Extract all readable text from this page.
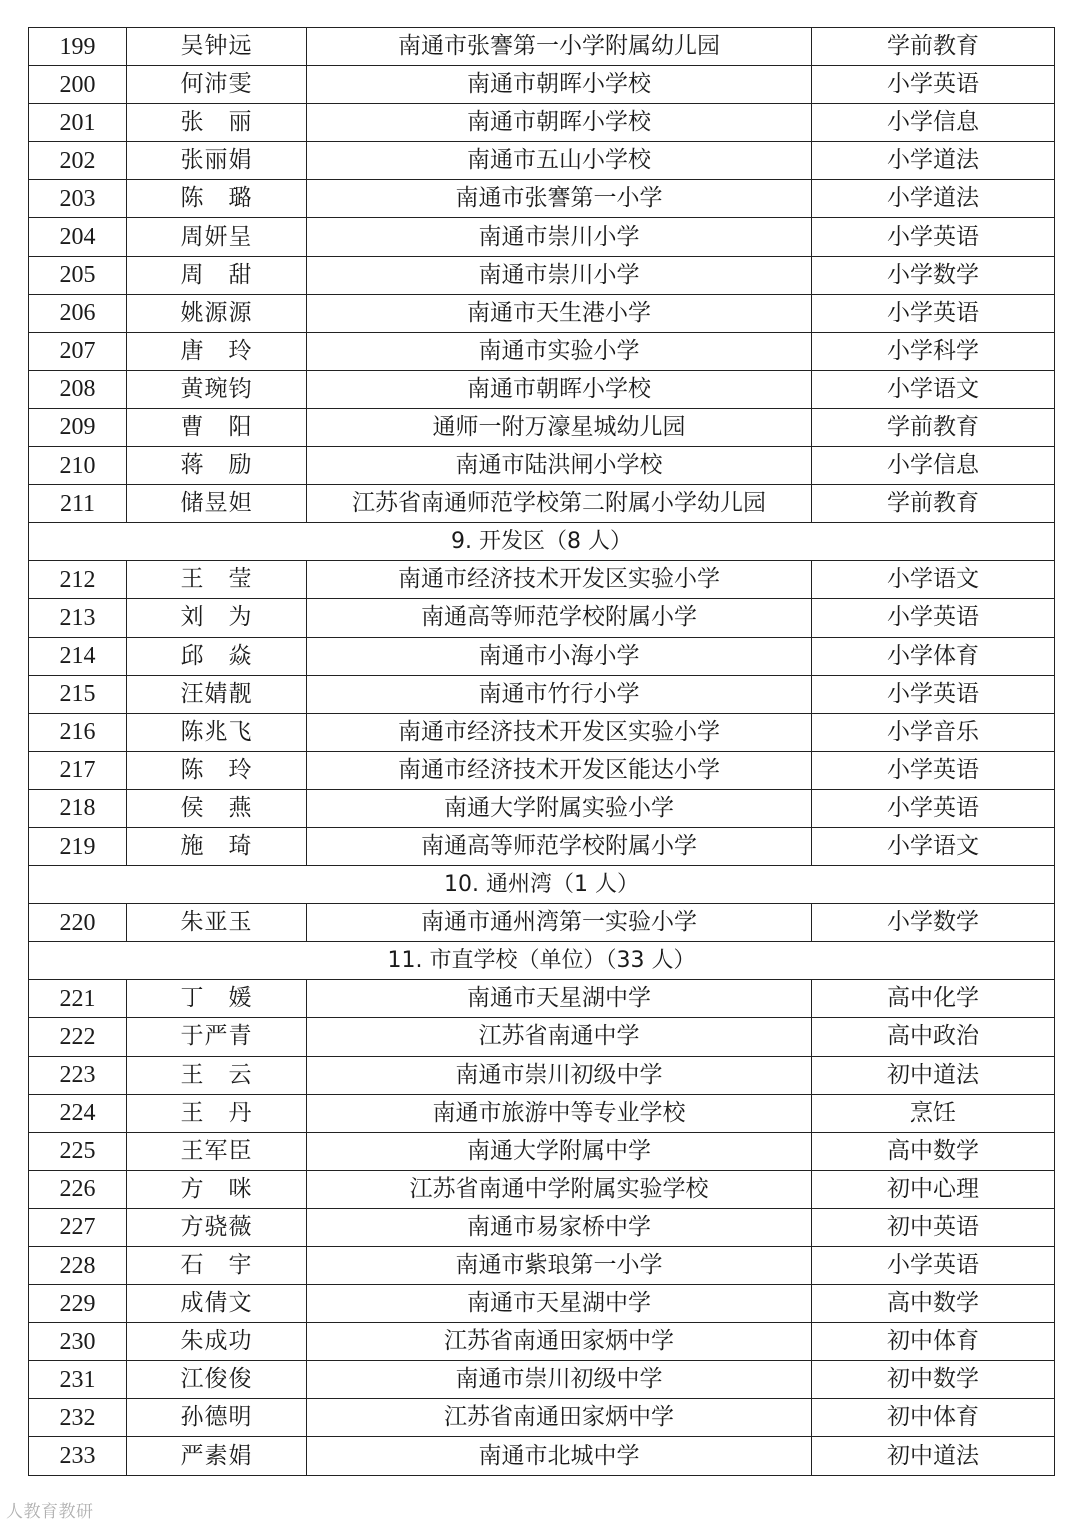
199	吴钟远	南通市张謇第一小学附属幼儿园	学前教育
200	何沛雯	南通市朝晖小学校	小学英语
201	张　丽	南通市朝晖小学校	小学信息
202	张丽娟	南通市五山小学校	小学道法
203	陈　璐	南通市张謇第一小学	小学道法
204	周妍呈	南通市崇川小学	小学英语
205	周　甜	南通市崇川小学	小学数学
206	姚源源	南通市天生港小学	小学英语
207	唐　玲	南通市实验小学	小学科学
208	黄琬钧	南通市朝晖小学校	小学语文
209	曹　阳	通师一附万濠星城幼儿园	学前教育
210	蒋　励	南通市陆洪闸小学校	小学信息
211	储昱妲	江苏省南通师范学校第二附属小学幼儿园	学前教育
9. 开发区（8 人）			
212	王　莹	南通市经济技术开发区实验小学	小学语文
213	刘　为	南通高等师范学校附属小学	小学英语
214	邱　焱	南通市小海小学	小学体育
215	汪婧靓	南通市竹行小学	小学英语
216	陈兆飞	南通市经济技术开发区实验小学	小学音乐
217	陈　玲	南通市经济技术开发区能达小学	小学英语
218	侯　燕	南通大学附属实验小学	小学英语
219	施　琦	南通高等师范学校附属小学	小学语文
10. 通州湾（1 人）			
220	朱亚玉	南通市通州湾第一实验小学	小学数学
11. 市直学校（单位）（33 人）			
221	丁　媛	南通市天星湖中学	高中化学
222	于严青	江苏省南通中学	高中政治
223	王　云	南通市崇川初级中学	初中道法
224	王　丹	南通市旅游中等专业学校	烹饪
225	王军臣	南通大学附属中学	高中数学
226	方　咪	江苏省南通中学附属实验学校	初中心理
227	方骁薇	南通市易家桥中学	初中英语
228	石　宇	南通市紫琅第一小学	小学英语
229	成倩文	南通市天星湖中学	高中数学
230	朱成功	江苏省南通田家炳中学	初中体育
231	江俊俊	南通市崇川初级中学	初中数学
232	孙德明	江苏省南通田家炳中学	初中体育
233	严素娟	南通市北城中学	初中道法
人教育教研
